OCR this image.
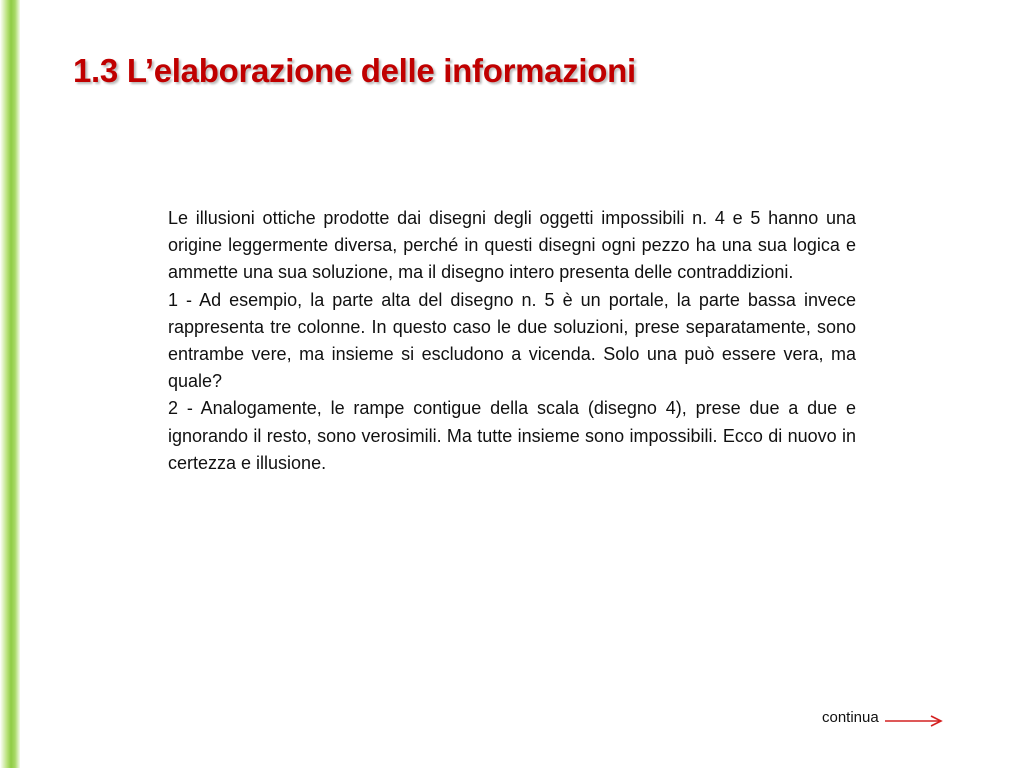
1.3 L’elaborazione delle informazioni

Le illusioni ottiche prodotte dai disegni degli oggetti impossibili n. 4 e 5 hanno una origine leggermente diversa, perché in questi disegni ogni pezzo ha una sua logica e ammette una sua soluzione, ma il disegno intero presenta delle contraddizioni.

1 - Ad esempio, la parte alta del disegno n. 5 è un portale, la parte bassa invece rappresenta tre colonne. In questo caso le due soluzioni, prese separatamente, sono entrambe vere, ma insieme si escludono a vicenda. Solo una può essere vera, ma quale?

2 - Analogamente, le rampe contigue della scala (disegno 4), prese due a due e ignorando il resto, sono verosimili. Ma tutte insieme sono impossibili. Ecco di nuovo in certezza e illusione.

continua
